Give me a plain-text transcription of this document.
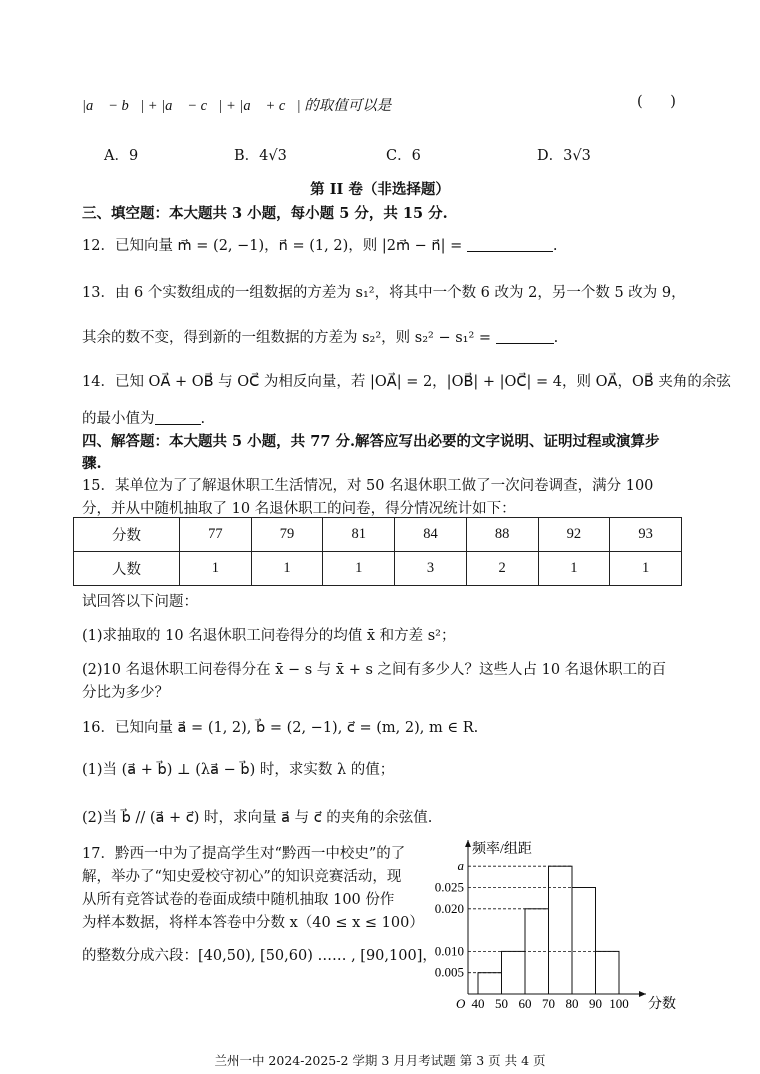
|a⃗ − b⃗| + |a⃗ − c⃗| + |a⃗ + c⃗| 的取值可以是	(      )
A．9	B．4√3	C．6	D．3√3
第 II 卷（非选择题）
三、填空题：本大题共 3 小题，每小题 5 分，共 15 分.
12．已知向量 m⃗ = (2, −1)，n⃗ = (1, 2)，则 |2m⃗ − n⃗| =	.
13．由 6 个实数组成的一组数据的方差为 s₁²，将其中一个数 6 改为 2，另一个数 5 改为 9，
其余的数不变，得到新的一组数据的方差为 s₂²，则 s₂² − s₁² =	.
14．已知 OA⃗ + OB⃗ 与 OC⃗ 为相反向量，若 |OA⃗| = 2，|OB⃗| + |OC⃗| = 4，则 OA⃗，OB⃗ 夹角的余弦
的最小值为	.
四、解答题：本大题共 5 小题，共 77 分.解答应写出必要的文字说明、证明过程或演算步
骤.
15．某单位为了了解退休职工生活情况，对 50 名退休职工做了一次问卷调查，满分 100
分，并从中随机抽取了 10 名退休职工的问卷，得分情况统计如下：
分数	77	79	81	84	88	92	93
人数	1	1	1	3	2	1	1
试回答以下问题：
(1)求抽取的 10 名退休职工问卷得分的均值 x̄ 和方差 s²；
(2)10 名退休职工问卷得分在 x̄ − s 与 x̄ + s 之间有多少人？这些人占 10 名退休职工的百
分比为多少？
16．已知向量 a⃗ = (1, 2), b⃗ = (2, −1), c⃗ = (m, 2), m ∈ R.
(1)当 (a⃗ + b⃗) ⊥ (λa⃗ − b⃗) 时，求实数 λ 的值；
(2)当 b⃗ // (a⃗ + c⃗) 时，求向量 a⃗ 与 c⃗ 的夹角的余弦值.
17．黔西一中为了提高学生对“黔西一中校史”的了
解，举办了“知史爱校守初心”的知识竞赛活动，现
从所有竞答试卷的卷面成绩中随机抽取 100 份作
为样本数据，将样本答卷中分数 x（40 ≤ x ≤ 100）
的整数分成六段：[40,50), [50,60) …… , [90,100]，
0.005
0.010
0.020
0.025
a
40 50 60 70 80 90 100
O
频率/组距
分数
兰州一中 2024-2025-2 学期 3 月月考试题 第 3 页 共 4 页
